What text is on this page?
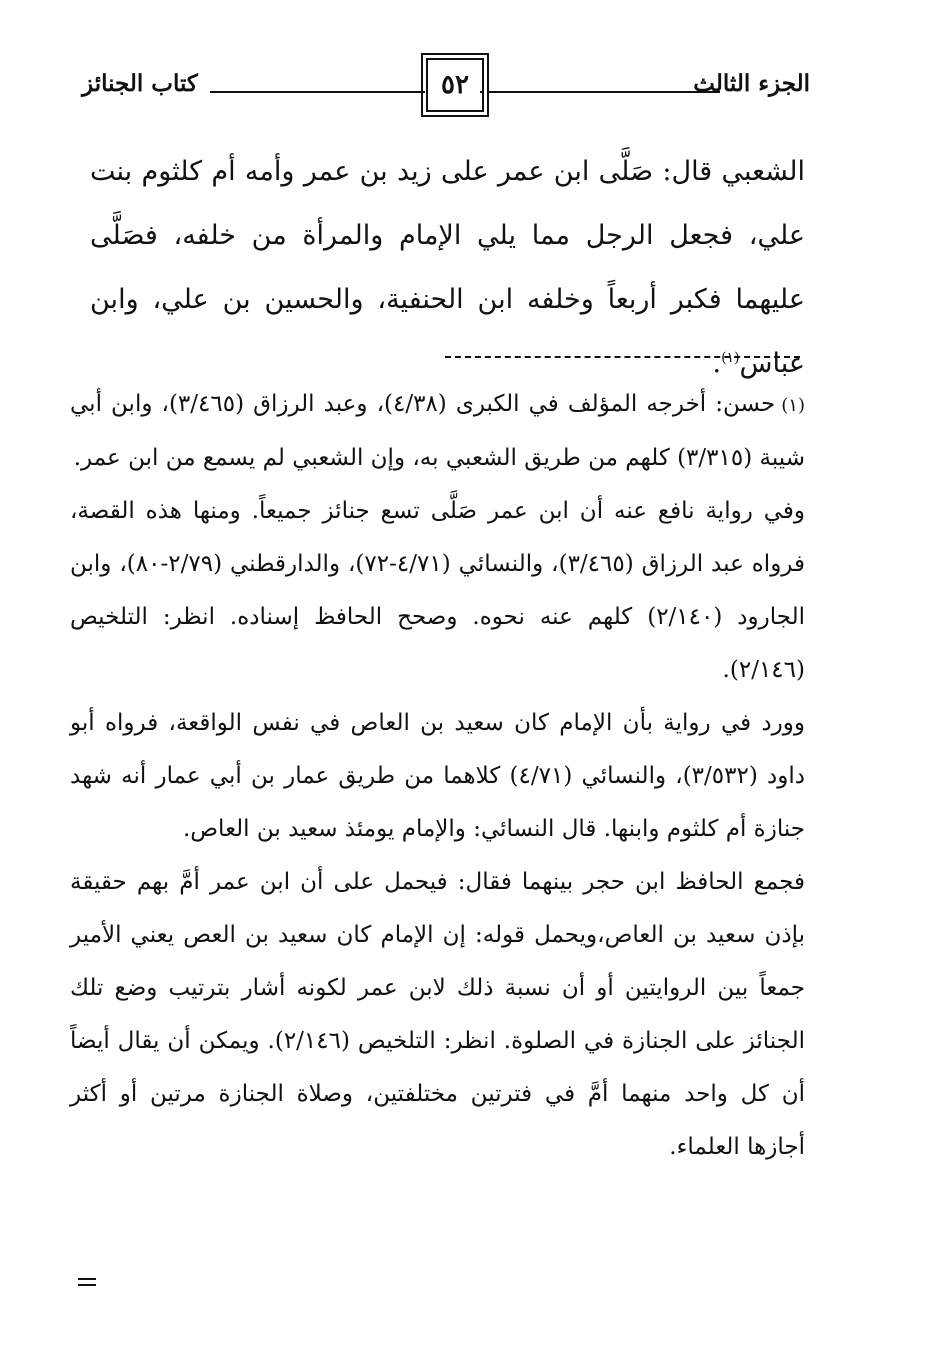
الجزء الثالث
٥٢
كتاب الجنائز
الشعبي قال: صَلَّى ابن عمر على زيد بن عمر وأمه أم كلثوم بنت علي، فجعل الرجل مما يلي الإمام والمرأة من خلفه، فصَلَّى عليهما فكبر أربعاً وخلفه ابن الحنفية، والحسين بن علي، وابن عباس$^{(١)}$.

(١)حسن: أخرجه المؤلف في الكبرى (٤/٣٨)، وعبد الرزاق (٣/٤٦٥)، وابن أبي شيبة (٣/٣١٥) كلهم من طريق الشعبي به، وإن الشعبي لم يسمع من ابن عمر.

وفي رواية نافع عنه أن ابن عمر صَلَّى تسع جنائز جميعاً. ومنها هذه القصة، فرواه عبد الرزاق (٣/٤٦٥)، والنسائي (٤/٧١-٧٢)، والدارقطني (٢/٧٩-٨٠)، وابن الجارود (٢/١٤٠) كلهم عنه نحوه. وصحح الحافظ إسناده. انظر: التلخيص (٢/١٤٦).

وورد في رواية بأن الإمام كان سعيد بن العاص في نفس الواقعة، فرواه أبو داود (٣/٥٣٢)، والنسائي (٤/٧١) كلاهما من طريق عمار بن أبي عمار أنه شهد جنازة أم كلثوم وابنها. قال النسائي: والإمام يومئذ سعيد بن العاص.

فجمع الحافظ ابن حجر بينهما فقال: فيحمل على أن ابن عمر أمَّ بهم حقيقة بإذن سعيد بن العاص،ويحمل قوله: إن الإمام كان سعيد بن العص يعني الأمير جمعاً بين الروايتين أو أن نسبة ذلك لابن عمر لكونه أشار بترتيب وضع تلك الجنائز على الجنازة في الصلوة. انظر: التلخيص (٢/١٤٦). ويمكن أن يقال أيضاً أن كل واحد منهما أمَّ في فترتين مختلفتين، وصلاة الجنازة مرتين أو أكثر أجازها العلماء.
